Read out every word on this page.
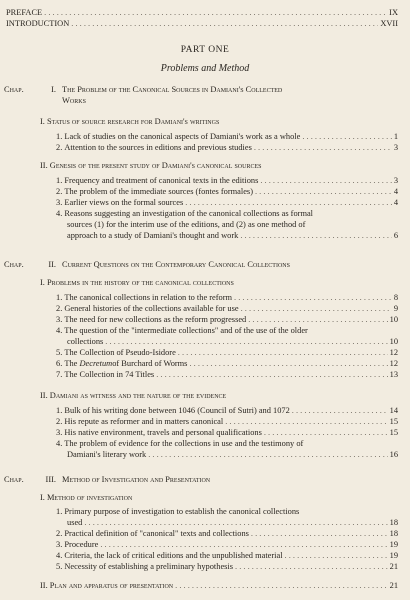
PREFACE . . .	IX
INTRODUCTION . . .	XVII
PART ONE
Problems and Method
Chap.	I. The Problem of the Canonical Sources in Damiani's Collected
Works
I. Status of source research for Damiani's writings
1.
Lack of studies on the canonical aspects of Damiani's work as a whole . . .	1
2.
Attention to the sources in editions and previous studies . . .	3
II. Genesis of the present study of Damiani's canonical sources
1.
Frequency and treatment of canonical texts in the editions . . .	3
2.
The problem of the immediate sources (fontes formales) . . .	4
3.
Earlier views on the formal sources . . .	4
4. Reasons suggesting an investigation of the canonical collections as formal
sources (1) for the interim use of the editions, and (2) as one method of
approach to a study of Damiani's thought and work . . .	6
Chap.	II. Current Questions on the Contemporary Canonical Collections
I. Problems in the history of the canonical collections
1.
The canonical collections in relation to the reform . . .	8
2.
General histories of the collections available for use . . .	9
3.
The need for new collections as the reform progressed . . .	10
4. The question of the "intermediate collections" and of the use of the older
collections . . .	10
5.
The Collection of Pseudo-Isidore . . .	12
6.
The
Decretum of Burchard of Worms . . .	12
7.
The Collection in 74 Titles . . .	13
II. Damiani as witness and the nature of the evidence
1.
Bulk of his writing done between 1046 (Council of Sutri) and 1072 . . .	14
2.
His repute as reformer and in matters canonical . . .	15
3.
His native environment, travels and personal qualifications . . .	15
4. The problem of evidence for the collections in use and the testimony of
Damiani's literary work . . .	16
Chap.	III. Method of Investigation and Presentation
I. Method of investigation
1. Primary purpose of investigation to establish the canonical collections
used . . .	18
2.
Practical definition of "canonical" texts and collections . . .	18
3.
Procedure . . .	19
4.
Criteria, the lack of critical editions and the unpublished material . . .	19
5.
Necessity of establishing a preliminary hypothesis . . .	21
II.
Plan and apparatus of presentation . . .	21
